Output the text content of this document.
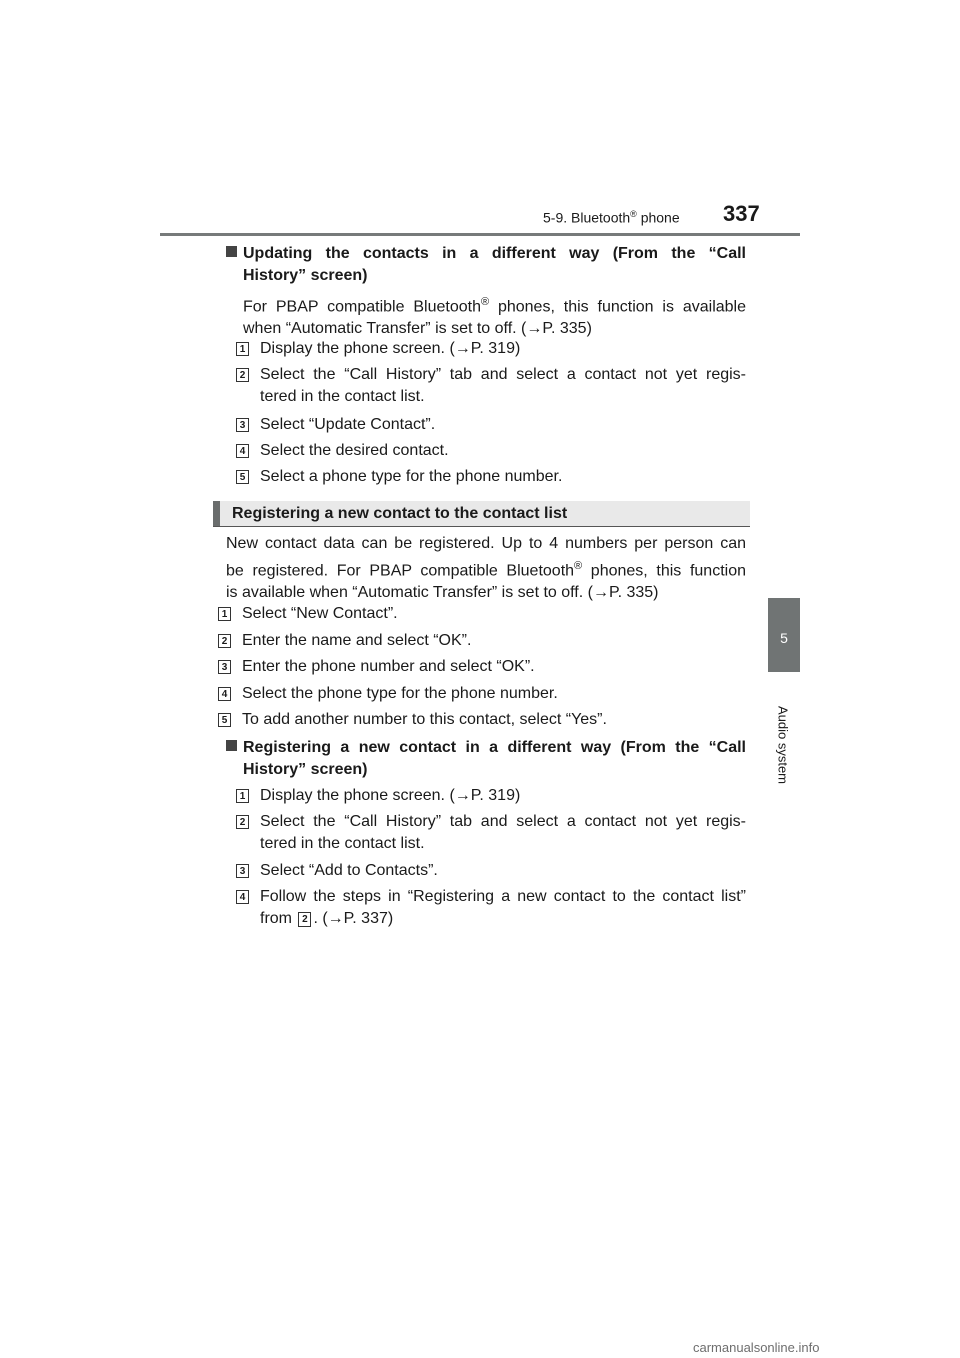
5-9. Bluetooth® phone 337
5
Audio system
Updating the contacts in a different way (From the “Call
History” screen)
For PBAP compatible Bluetooth® phones, this function is available
when “Automatic Transfer” is set to off. (→P. 335)
1 Display the phone screen. (→P. 319)
2 Select the “Call History” tab and select a contact not yet regis-
tered in the contact list.
3 Select “Update Contact”.
4 Select the desired contact.
5 Select a phone type for the phone number.
Registering a new contact to the contact list
New contact data can be registered. Up to 4 numbers per person can
be registered. For PBAP compatible Bluetooth® phones, this function
is available when “Automatic Transfer” is set to off. (→P. 335)
1 Select “New Contact”.
2 Enter the name and select “OK”.
3 Enter the phone number and select “OK”.
4 Select the phone type for the phone number.
5 To add another number to this contact, select “Yes”.
Registering a new contact in a different way (From the “Call
History” screen)
1 Display the phone screen. (→P. 319)
2 Select the “Call History” tab and select a contact not yet regis-
tered in the contact list.
3 Select “Add to Contacts”.
4 Follow the steps in “Registering a new contact to the contact list”
from 2 . (→P. 337)
carmanualsonline.info
